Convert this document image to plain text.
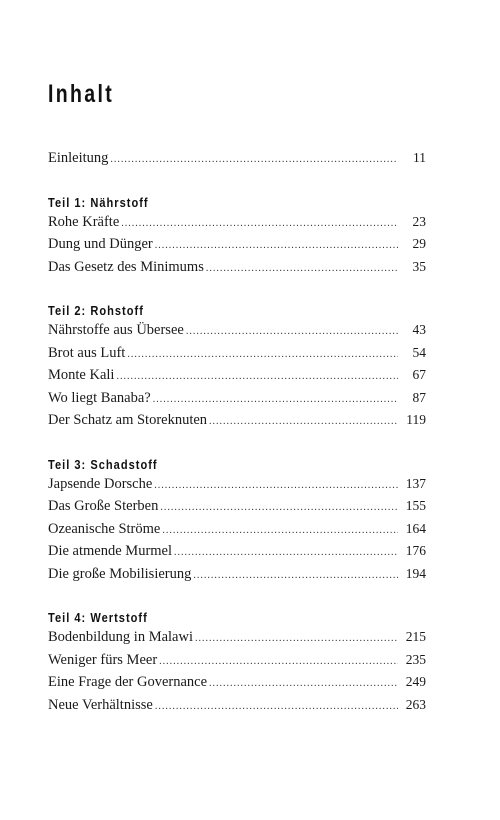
Inhalt
Einleitung .....	11
Teil 1: Nährstoff
Rohe Kräfte .....	23
Dung und Dünger .....	29
Das Gesetz des Minimums .....	35
Teil 2: Rohstoff
Nährstoffe aus Übersee .....	43
Brot aus Luft .....	54
Monte Kali .....	67
Wo liegt Banaba? .....	87
Der Schatz am Storeknuten .....	119
Teil 3: Schadstoff
Japsende Dorsche .....	137
Das Große Sterben .....	155
Ozeanische Ströme .....	164
Die atmende Murmel .....	176
Die große Mobilisierung .....	194
Teil 4: Wertstoff
Bodenbildung in Malawi .....	215
Weniger fürs Meer .....	235
Eine Frage der Governance .....	249
Neue Verhältnisse .....	263
